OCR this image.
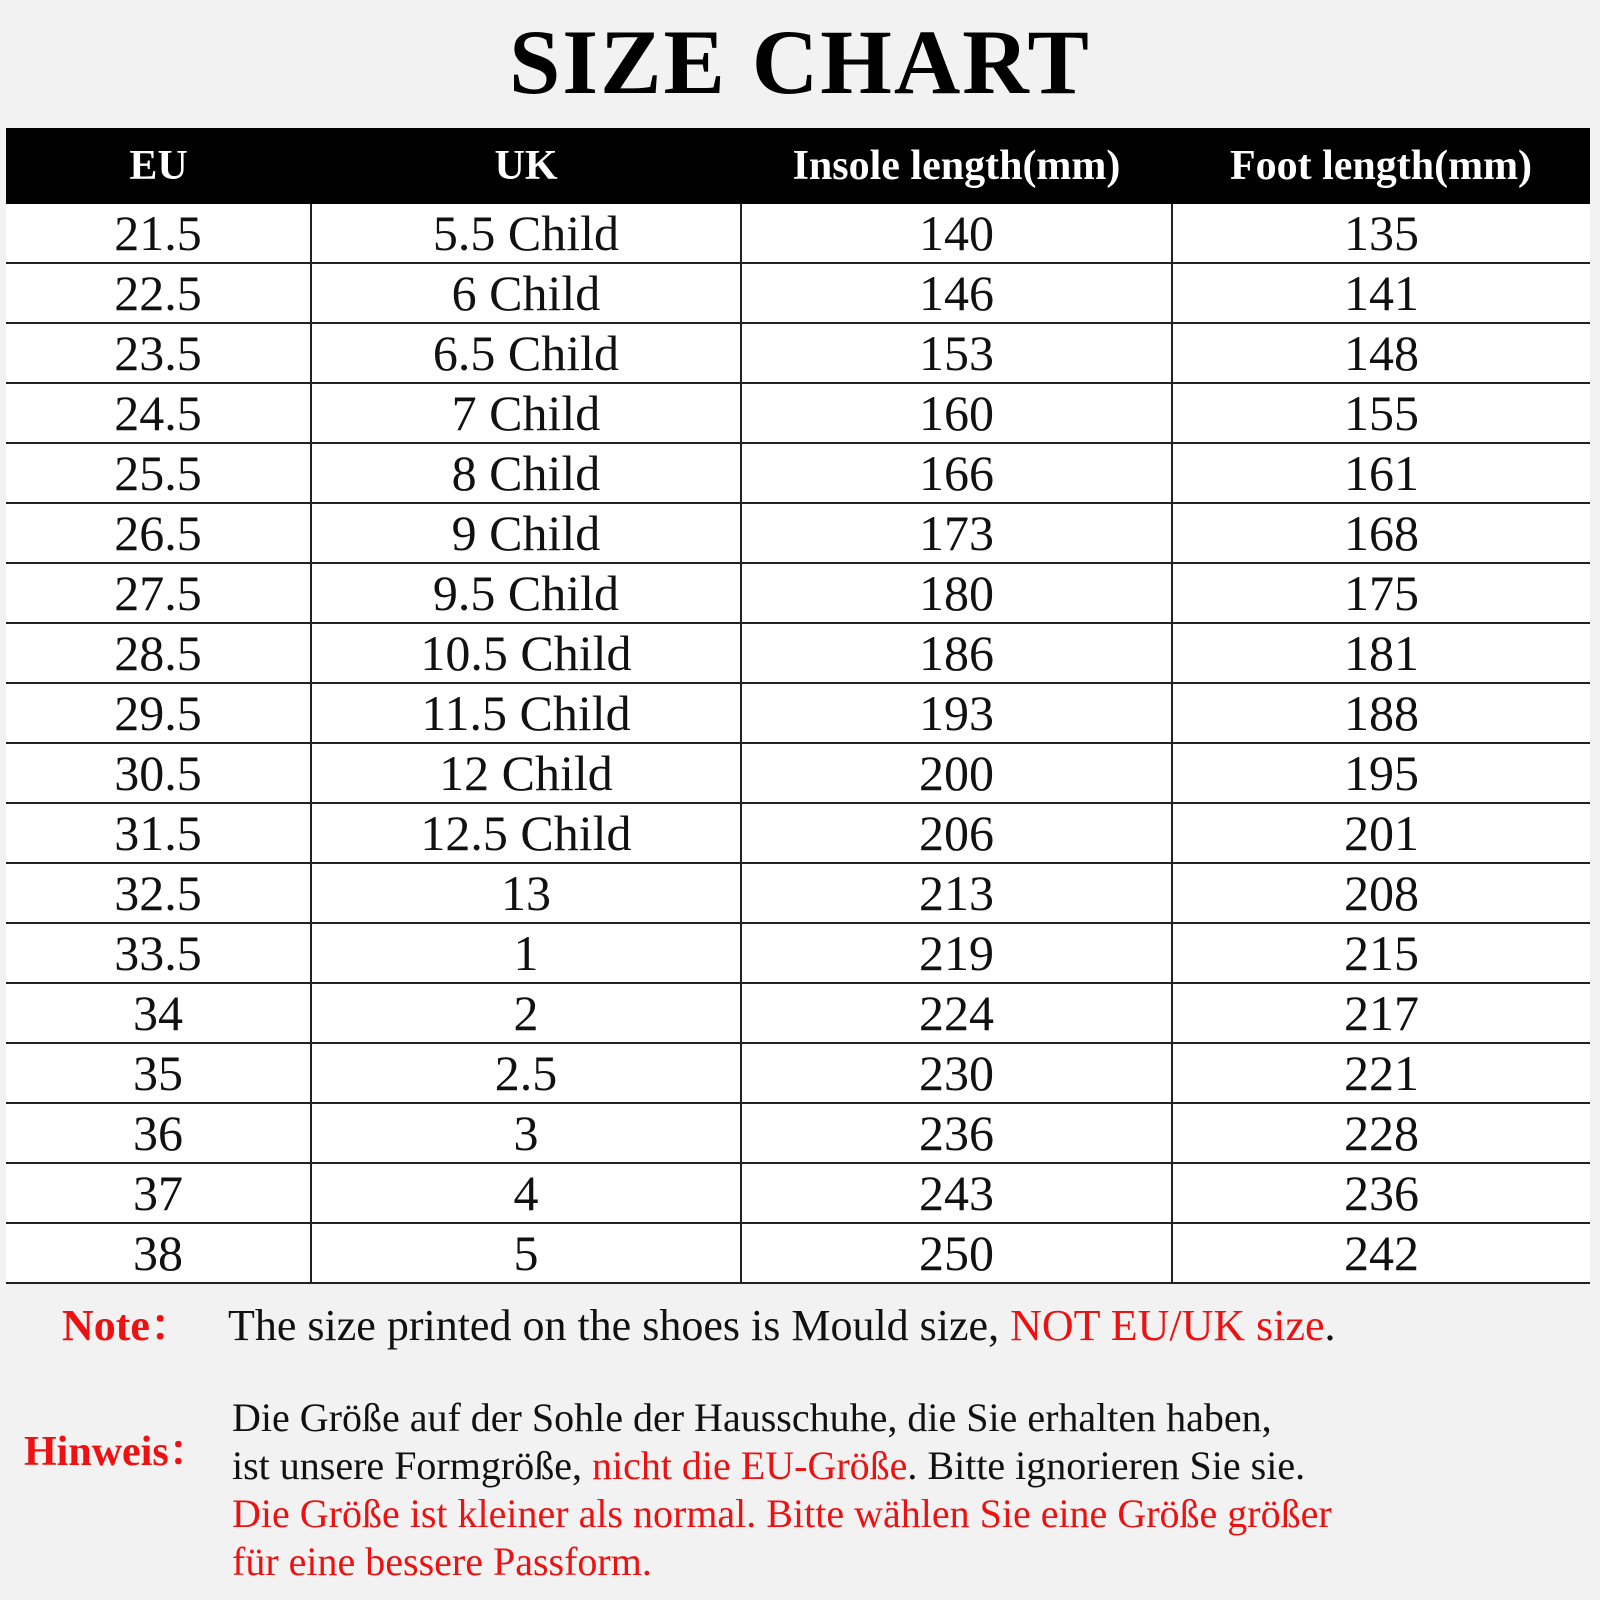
SIZE CHART
EU	UK	Insole length(mm)	Foot length(mm)
21.5	5.5 Child	140	135
22.5	6 Child	146	141
23.5	6.5 Child	153	148
24.5	7 Child	160	155
25.5	8 Child	166	161
26.5	9 Child	173	168
27.5	9.5 Child	180	175
28.5	10.5 Child	186	181
29.5	11.5 Child	193	188
30.5	12 Child	200	195
31.5	12.5 Child	206	201
32.5	13	213	208
33.5	1	219	215
34	2	224	217
35	2.5	230	221
36	3	236	228
37	4	243	236
38	5	250	242
Note： The size printed on the shoes is Mould size, NOT EU/UK size.
Hinweis：
Die Größe auf der Sohle der Hausschuhe, die Sie erhalten haben,
ist unsere Formgröße, nicht die EU-Größe. Bitte ignorieren Sie sie.
Die Größe ist kleiner als normal. Bitte wählen Sie eine Größe größer
für eine bessere Passform.
